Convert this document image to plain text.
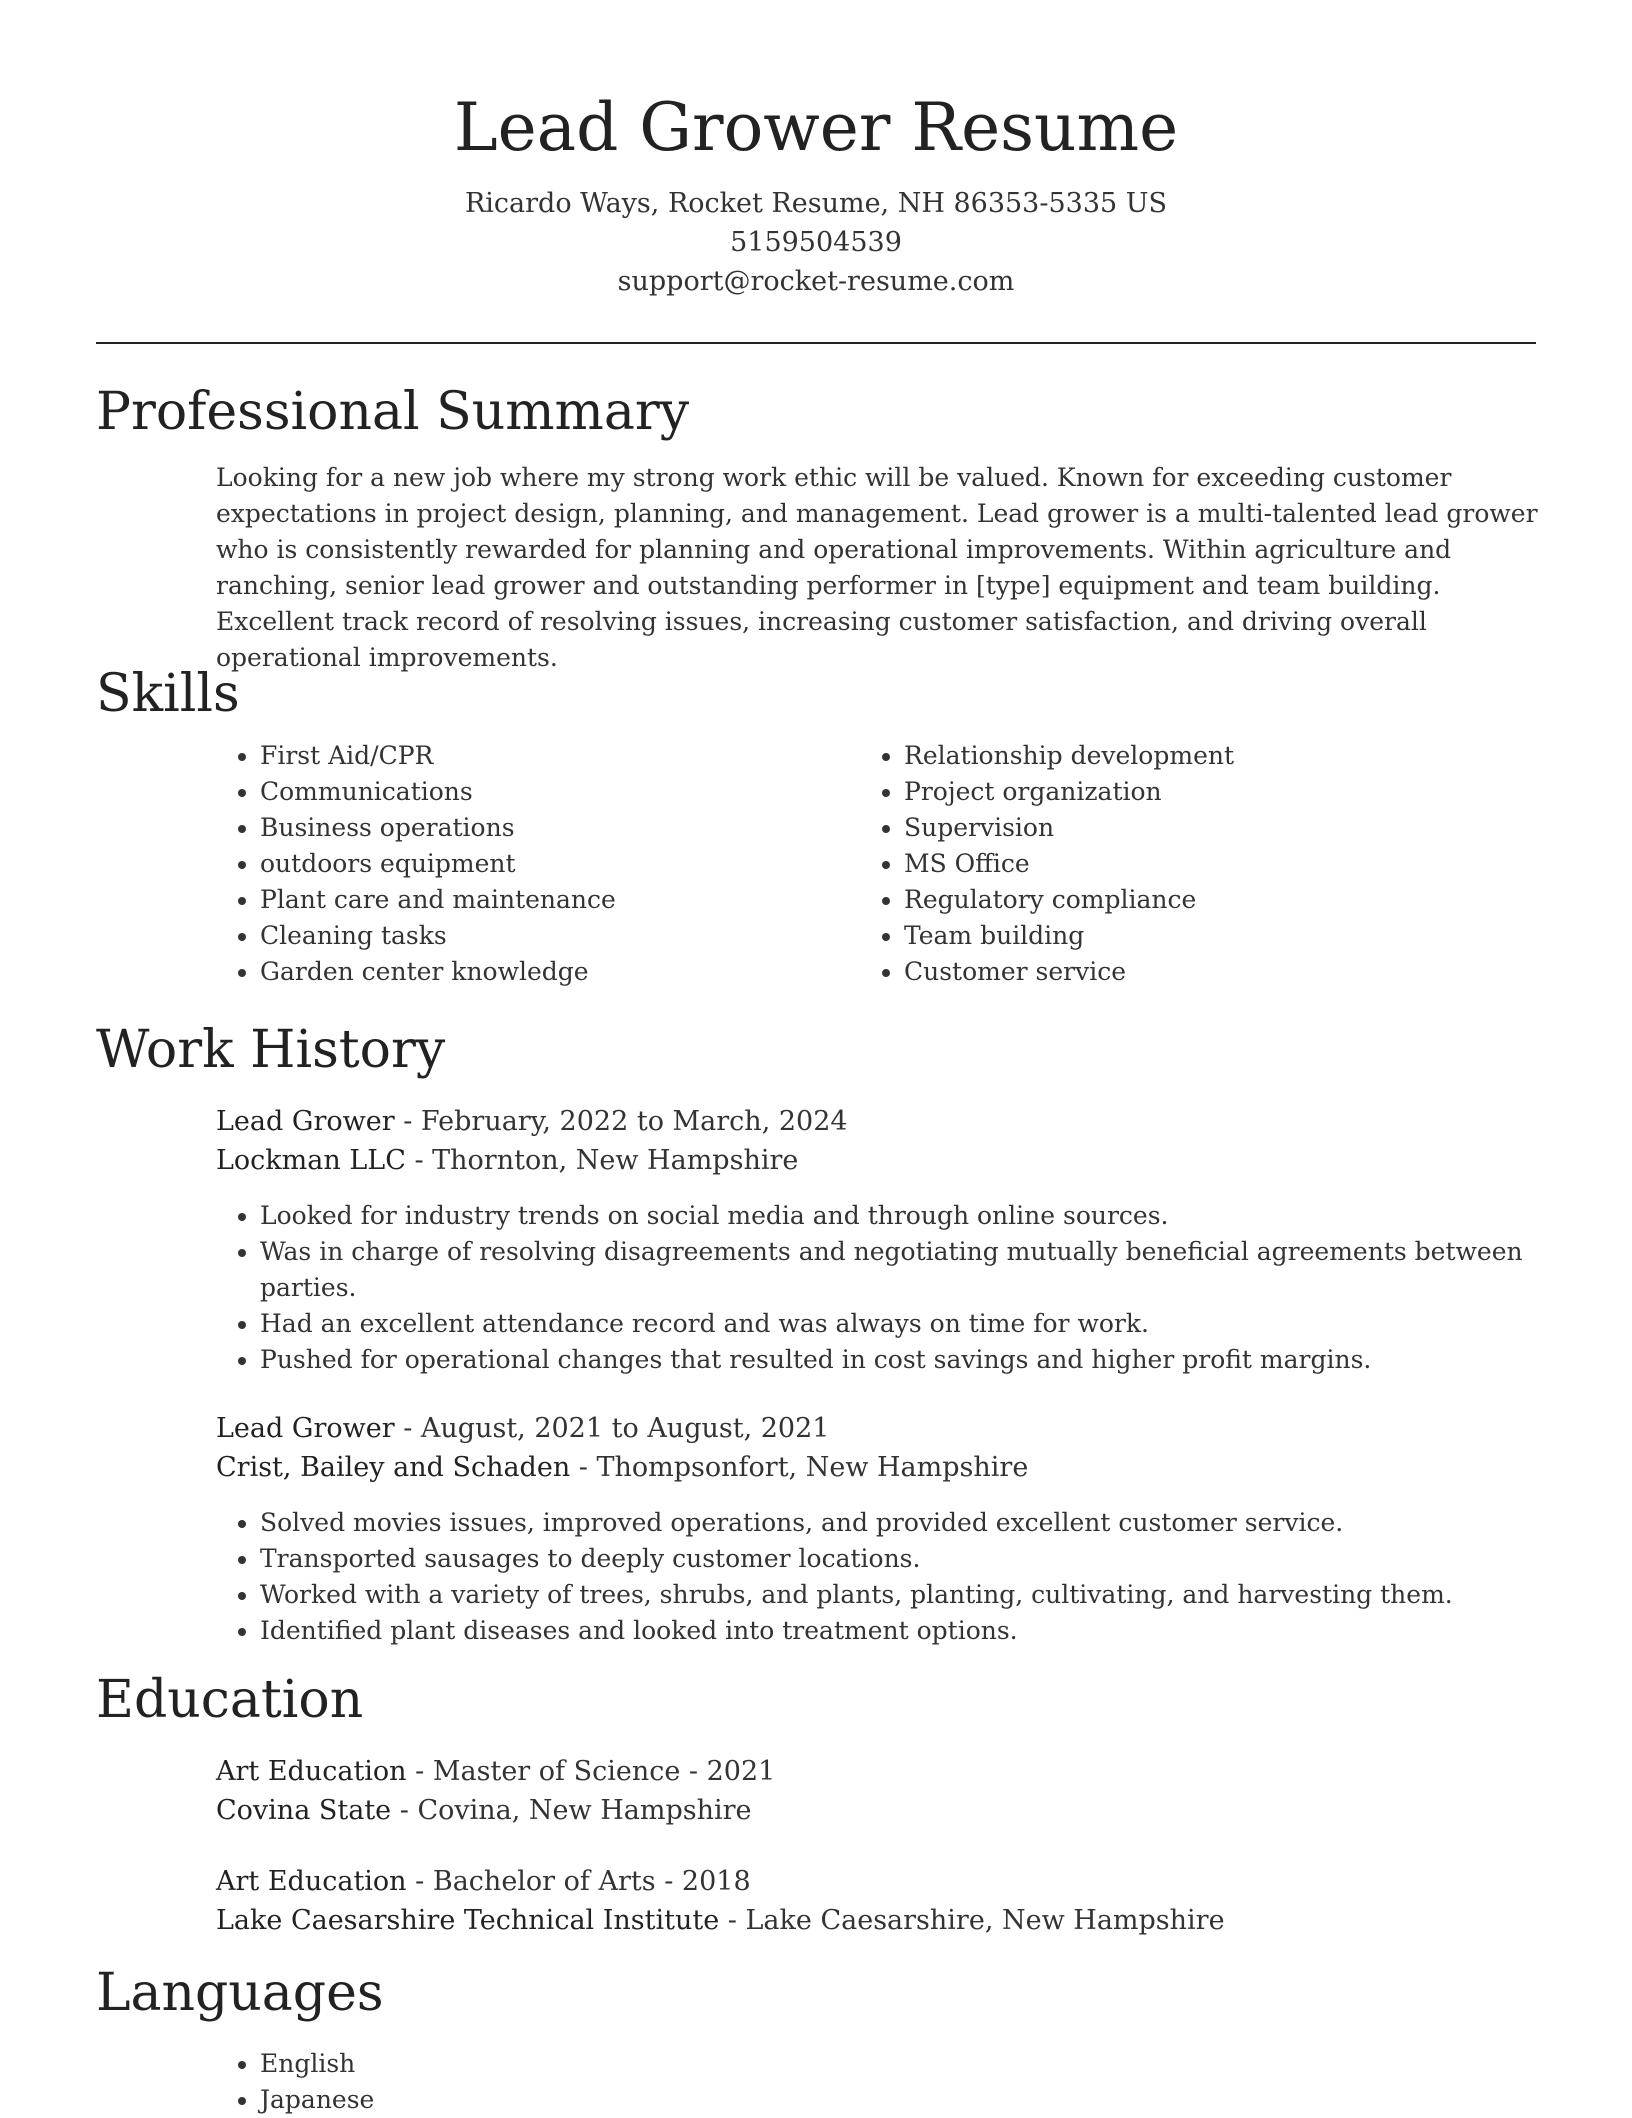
Lead Grower Resume
Ricardo Ways, Rocket Resume, NH 86353-5335 US
5159504539
support@rocket-resume.com
Professional Summary

Looking for a new job where my strong work ethic will be valued. Known for exceeding customer expectations in project design, planning, and management. Lead grower is a multi-talented lead grower who is consistently rewarded for planning and operational improvements. Within agriculture and ranching, senior lead grower and outstanding performer in [type] equipment and team building. Excellent track record of resolving issues, increasing customer satisfaction, and driving overall operational improvements.

Skills
• First Aid/CPR
• Communications
• Business operations
• outdoors equipment
• Plant care and maintenance
• Cleaning tasks
• Garden center knowledge
• Relationship development
• Project organization
• Supervision
• MS Office
• Regulatory compliance
• Team building
• Customer service
Work History
Lead Grower - February, 2022 to March, 2024
Lockman LLC - Thornton, New Hampshire
• Looked for industry trends on social media and through online sources.
• Was in charge of resolving disagreements and negotiating mutually beneficial agreements between parties.
• Had an excellent attendance record and was always on time for work.
• Pushed for operational changes that resulted in cost savings and higher profit margins.
Lead Grower - August, 2021 to August, 2021
Crist, Bailey and Schaden - Thompsonfort, New Hampshire
• Solved movies issues, improved operations, and provided excellent customer service.
• Transported sausages to deeply customer locations.
• Worked with a variety of trees, shrubs, and plants, planting, cultivating, and harvesting them.
• Identified plant diseases and looked into treatment options.
Education
Art Education - Master of Science - 2021
Covina State - Covina, New Hampshire
Art Education - Bachelor of Arts - 2018
Lake Caesarshire Technical Institute - Lake Caesarshire, New Hampshire
Languages
• English
• Japanese
